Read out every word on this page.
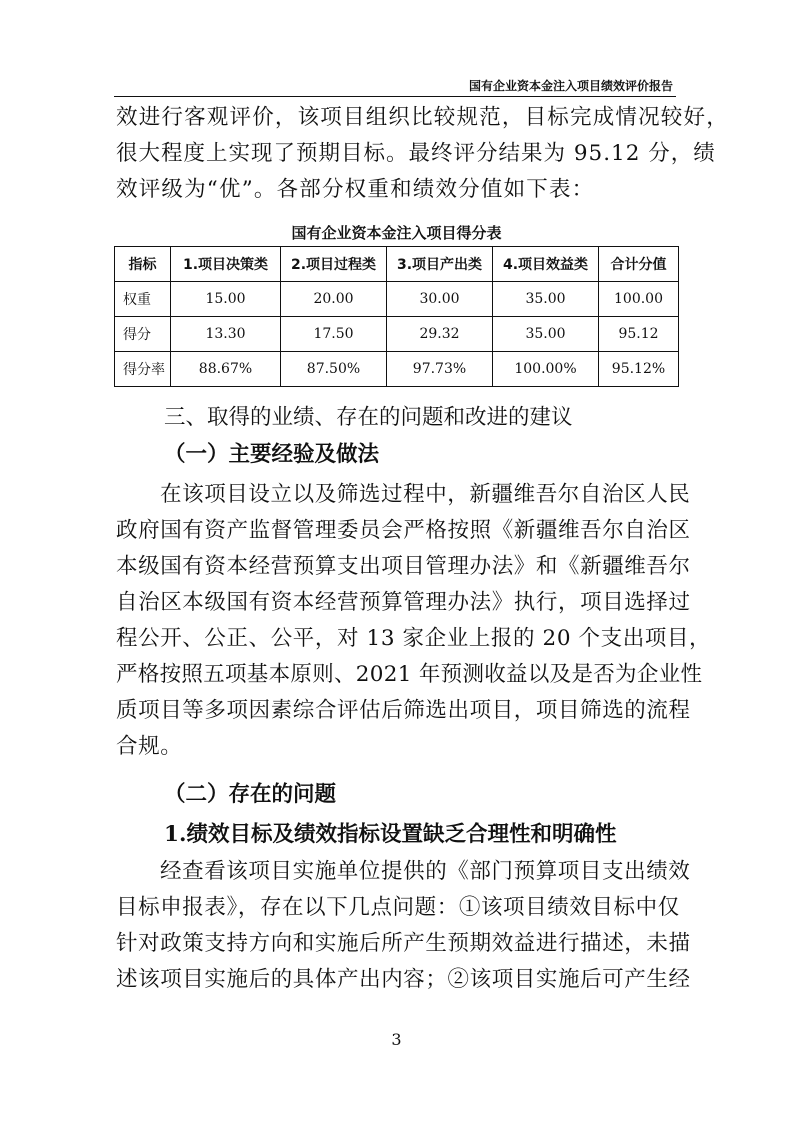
国有企业资本金注入项目绩效评价报告

效进行客观评价，该项目组织比较规范，目标完成情况较好，
很大程度上实现了预期目标。最终评分结果为 95.12 分，绩
效评级为“优”。各部分权重和绩效分值如下表：

国有企业资本金注入项目得分表
指标	1.项目决策类	2.项目过程类	3.项目产出类	4.项目效益类	合计分值
权重	15.00	20.00	30.00	35.00	100.00
得分	13.30	17.50	29.32	35.00	95.12
得分率	88.67%	87.50%	97.73%	100.00%	95.12%
三、取得的业绩、存在的问题和改进的建议
（一）主要经验及做法

在该项目设立以及筛选过程中，新疆维吾尔自治区人民
政府国有资产监督管理委员会严格按照《新疆维吾尔自治区
本级国有资本经营预算支出项目管理办法》和《新疆维吾尔
自治区本级国有资本经营预算管理办法》执行，项目选择过
程公开、公正、公平，对 13 家企业上报的 20 个支出项目，
严格按照五项基本原则、2021 年预测收益以及是否为企业性
质项目等多项因素综合评估后筛选出项目，项目筛选的流程
合规。

（二）存在的问题
1.绩效目标及绩效指标设置缺乏合理性和明确性

经查看该项目实施单位提供的《部门预算项目支出绩效
目标申报表》，存在以下几点问题：①该项目绩效目标中仅
针对政策支持方向和实施后所产生预期效益进行描述，未描
述该项目实施后的具体产出内容；②该项目实施后可产生经

3
